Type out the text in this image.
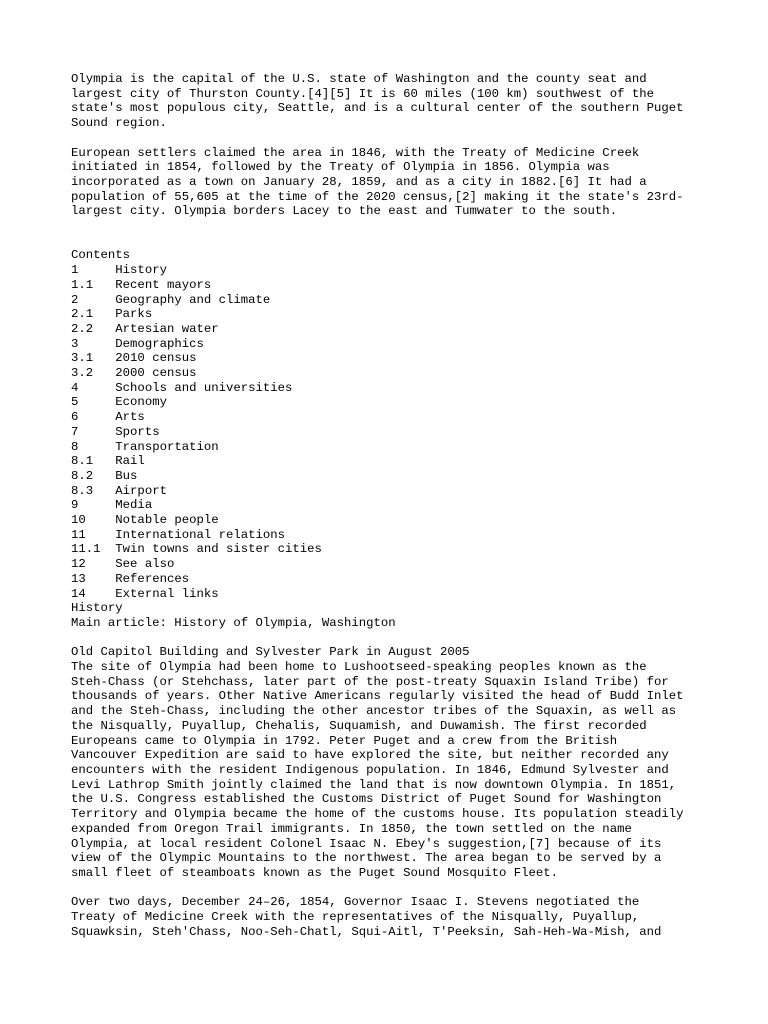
Olympia is the capital of the U.S. state of Washington and the county seat and
largest city of Thurston County.[4][5] It is 60 miles (100 km) southwest of the
state's most populous city, Seattle, and is a cultural center of the southern Puget
Sound region.

European settlers claimed the area in 1846, with the Treaty of Medicine Creek
initiated in 1854, followed by the Treaty of Olympia in 1856. Olympia was
incorporated as a town on January 28, 1859, and as a city in 1882.[6] It had a
population of 55,605 at the time of the 2020 census,[2] making it the state's 23rd-
largest city. Olympia borders Lacey to the east and Tumwater to the south.

Contents
1	History
1.1	Recent mayors
2	Geography and climate
2.1	Parks
2.2	Artesian water
3	Demographics
3.1	2010 census
3.2	2000 census
4	Schools and universities
5	Economy
6	Arts
7	Sports
8	Transportation
8.1	Rail
8.2	Bus
8.3	Airport
9	Media
10	Notable people
11	International relations
11.1	Twin towns and sister cities
12	See also
13	References
14	External links
History
Main article: History of Olympia, Washington
Old Capitol Building and Sylvester Park in August 2005

The site of Olympia had been home to Lushootseed-speaking peoples known as the
Steh-Chass (or Stehchass, later part of the post-treaty Squaxin Island Tribe) for
thousands of years. Other Native Americans regularly visited the head of Budd Inlet
and the Steh-Chass, including the other ancestor tribes of the Squaxin, as well as
the Nisqually, Puyallup, Chehalis, Suquamish, and Duwamish. The first recorded
Europeans came to Olympia in 1792. Peter Puget and a crew from the British
Vancouver Expedition are said to have explored the site, but neither recorded any
encounters with the resident Indigenous population. In 1846, Edmund Sylvester and
Levi Lathrop Smith jointly claimed the land that is now downtown Olympia. In 1851,
the U.S. Congress established the Customs District of Puget Sound for Washington
Territory and Olympia became the home of the customs house. Its population steadily
expanded from Oregon Trail immigrants. In 1850, the town settled on the name
Olympia, at local resident Colonel Isaac N. Ebey's suggestion,[7] because of its
view of the Olympic Mountains to the northwest. The area began to be served by a
small fleet of steamboats known as the Puget Sound Mosquito Fleet.

Over two days, December 24–26, 1854, Governor Isaac I. Stevens negotiated the
Treaty of Medicine Creek with the representatives of the Nisqually, Puyallup,
Squawksin, Steh'Chass, Noo-Seh-Chatl, Squi-Aitl, T'Peeksin, Sah-Heh-Wa-Mish, and
